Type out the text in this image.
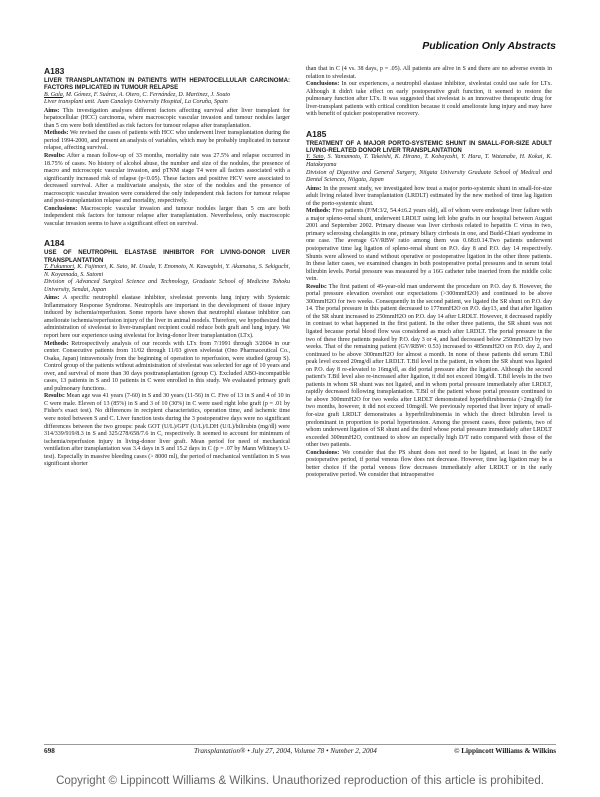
Publication Only Abstracts

A183

LIVER TRANSPLANTATION IN PATIENTS WITH HEPATOCELLULAR CARCINOMA: FACTORS IMPLICATED IN TUMOUR RELAPSE

B. Gala, M. Gómez, F. Suárez, A. Otero, C. Fernández, D. Martinez, J. Souto

Liver transplant unit. Juan Canalejo University Hospital, La Coruña, Spain

Aims: This investigation analyses different factors affecting survival after liver transplant for hepatocellular (HCC) carcinoma, where macroscopic vascular invasion and tumour nodules larger than 5 cm were both identified as risk factors for tumour relapse after transplantation.

Methods: We revised the cases of patients with HCC who underwent liver transplantation during the period 1994-2000, and present an analysis of variables, which may be probably implicated in tumour relapse, affecting survival.

Results: After a mean follow-up of 33 months, mortality rate was 27.5% and relapse occurred in 18.75% of cases. No history of alcohol abuse, the number and size of the nodules, the presence of macro and microscopic vascular invasion, and pTNM stage T4 were all factors associated with a significantly increased risk of relapse (p<0.05). These factors and positive HCV were associated to decreased survival. After a multivariate analysis, the size of the nodules and the presence of macroscopic vascular invasion were considered the only independent risk factors for tumour relapse and post-transplantation relapse and mortality, respectively.

Conclusions: Macroscopic vascular invasion and tumour nodules larger than 5 cm are both independent risk factors for tumour relapse after transplantation. Nevertheless, only macroscopic vascular invasion seems to have a significant effect on survival.

A184

USE OF NEUTROPHIL ELASTASE INHIBITOR FOR LIVING-DONOR LIVER TRANSPLANTATION

T. Fukumori, K. Fujimori, K. Sato, M. Usuda, Y. Enomoto, N. Kawagishi, Y. Akamatsu, S. Sekiguchi, N. Koyamada, S. Satomi

Division of Advanced Surgical Science and Technology, Graduate School of Medicine Tohoku University, Sendai, Japan

Aims: A specific neutrophil elastase inhibitor, sivelestat prevents lung injury with Systemic Inflammatory Response Syndrome. Neutrophils are important in the development of tissue injury induced by ischemia/reperfusion. Some reports have shown that neutrophil elastase inhibitor can ameliorate ischemia/reperfusion injury of the liver in animal models. Therefore, we hypothesized that administration of sivelestat to liver-transplant recipient could reduce both graft and lung injury. We report here our experience using sivelestat for living-donor liver transplantation (LTx).

Methods: Retrospectively analysis of our records with LTx from 7/1991 through 3/2004 in our center. Consecutive patients from 11/02 through 11/03 given sivelestat (Ono Pharmaceutical Co., Osaka, Japan) intravenously from the beginning of operation to reperfusion, were studied (group S). Control group of the patients without administration of sivelestat was selected for age of 10 years and over, and survival of more than 30 days posttransplantation (group C). Excluded ABO-incompatible cases, 13 patients in S and 10 patients in C were enrolled in this study. We evaluated primary graft and pulmonary functions.

Results: Mean age was 41 years (7-60) in S and 30 years (11-56) in C. Five of 13 in S and 4 of 10 in C were male. Eleven of 13 (85%) in S and 3 of 10 (30%) in C were used right lobe graft (p = .01 by Fisher's exact test). No differences in recipient characteristics, operation time, and ischemic time were noted between S and C. Liver function tests during the 3 postoperative days were no significant differences between the two groups: peak GOT (U/L)/GPT (U/L)/LDH (U/L)/bilirubin (mg/dl) were 314/339/919/8.3 in S and 325/278/658/7.6 in C, respectively. It seemed to account for minimum of ischemia/reperfusion injury in living-donor liver graft. Mean period for need of mechanical ventilation after transplantation was 3.4 days in S and 15.2 days in C (p = .07 by Mann Whitney's U-test). Especially in massive bleeding cases (> 8000 ml), the period of mechanical ventilation in S was significant shorter

than that in C (4 vs. 38 days, p = .05). All patients are alive in S and there are no adverse events in relation to sivelestat.

Conclusions: In our experiences, a neutrophil elastase inhibitor, sivelestat could use safe for LTx. Although it didn't take effect on early postoperative graft function, it seemed to restore the pulmonary function after LTx. It was suggested that sivelestat is an innovative therapeutic drug for liver-transplant patients with critical condition because it could ameliorate lung injury and may have with benefit of quicker postoperative recovery.

A185

TREATMENT OF A MAJOR PORTO-SYSTEMIC SHUNT IN SMALL-FOR-SIZE ADULT LIVING-RELATED DONOR LIVER TRANSPLANTATION

Y. Sato, S. Yamamoto, T. Takeishi, K. Hirano, T. Kobayashi, Y. Hara, T. Watanabe, H. Kokai, K. Hatakeyama

Division of Digestive and General Surgery, Niigata University Graduate School of Medical and Dental Sciences, Niigata, Japan

Aims: In the present study, we investigated how treat a major porto-systemic shunt in small-for-size adult living related liver transplantation (LRDLT) estimated by the new method of time lag ligation of the porto-systemic shunt.

Methods: Five patients (F/M:3/2, 54.4±6.2 years old), all of whom were endostage liver failure with a major spleno-renal shunt, underwent LRDLT using left lobe grafts in our hospital between August 2001 and September 2002. Primary disease was liver cirrhosis related to hepatitis C virus in two, primary sclerosing cholangitis in one, primary biliary cirrhosis in one, and Budd-Chiari syndrome in one case. The average GV/RBW ratio among them was 0.68±0.14.Two patients underwent postoperative time lag ligation of spleno-renal shunt on P.O. day 8 and P.O. day 14 respectively. Shunts were allowed to stand without operative or postoperative ligation in the other three patients. In these latter cases, we examined changes in both postoperative portal pressures and in serum total bilirubin levels. Portal pressure was measured by a 16G catheter tube inserted from the middle colic vein.

Results: The first patient of 49-year-old man underwent the procedure on P.O. day 8. However, the portal pressure elevation overshot our expectations (>300mmH2O) and continued to be above 300mmH2O for two weeks. Consequently in the second patient, we ligated the SR shunt on P.O. day 14. The portal pressure in this patient decreased to 177mmH2O on P.O. day13, and that after ligation of the SR shunt increased to 250mmH2O on P.O. day 14 after LRDLT. However, it decreased rapidly in contrast to what happened in the first patient. In the other three patients, the SR shunt was not ligated because portal blood flow was considered as much after LRDLT. The portal pressure in the two of these three patients peaked by P.O. day 3 or 4, and had decreased below 250mmH2O by two weeks. That of the remaining patient (GV/RBW: 0.53) increased to 485mmH2O on P.O. day 2, and continued to be above 300mmH2O for almost a month. In none of these patients did serum T.Bil peak level exceed 20mg/dl after LRDLT. T.Bil level in the patient, in whom the SR shunt was ligated on P.O. day 8 re-elevated to 16mg/dl, as did portal pressure after the ligation. Although the second patient's T.Bil level also re-increased after ligation, it did not exceed 10mg/dl. T.Bil levels in the two patients in whom SR shunt was not ligated, and in whom portal pressure immediately after LRDLT, rapidly decreased following transplantation. T.Bil of the patient whose portal pressure continued to be above 300mmH2O for two weeks after LRDLT demonstrated hyperbilirubinemia (>2mg/dl) for two months, however, it did not exceed 10mg/dl. We previously reported that liver injury of small-for-size graft LRDLT demonstrates a hyperbilirubinemia in which the direct bilirubin level is predominant in proportion to portal hypertension. Among the present cases, three patients, two of whom underwent ligation of SR shunt and the third whose portal pressure immediately after LRDLT exceeded 300mmH2O, continued to show an especially high D/T ratio compared with those of the other two patients.

Conclusions: We consider that the PS shunt does not need to be ligated, at least in the early postoperative period, if portal venous flow does not decrease. However, time lag ligation may be a better choice if the portal venous flow decreases immediately after LRDLT or in the early postoperative period. We consider that intraoperative

698	Transplantation® • July 27, 2004, Volume 78 • Number 2, 2004	© Lippincott Williams & Wilkins
Copyright © Lippincott Williams & Wilkins. Unauthorized reproduction of this article is prohibited.
